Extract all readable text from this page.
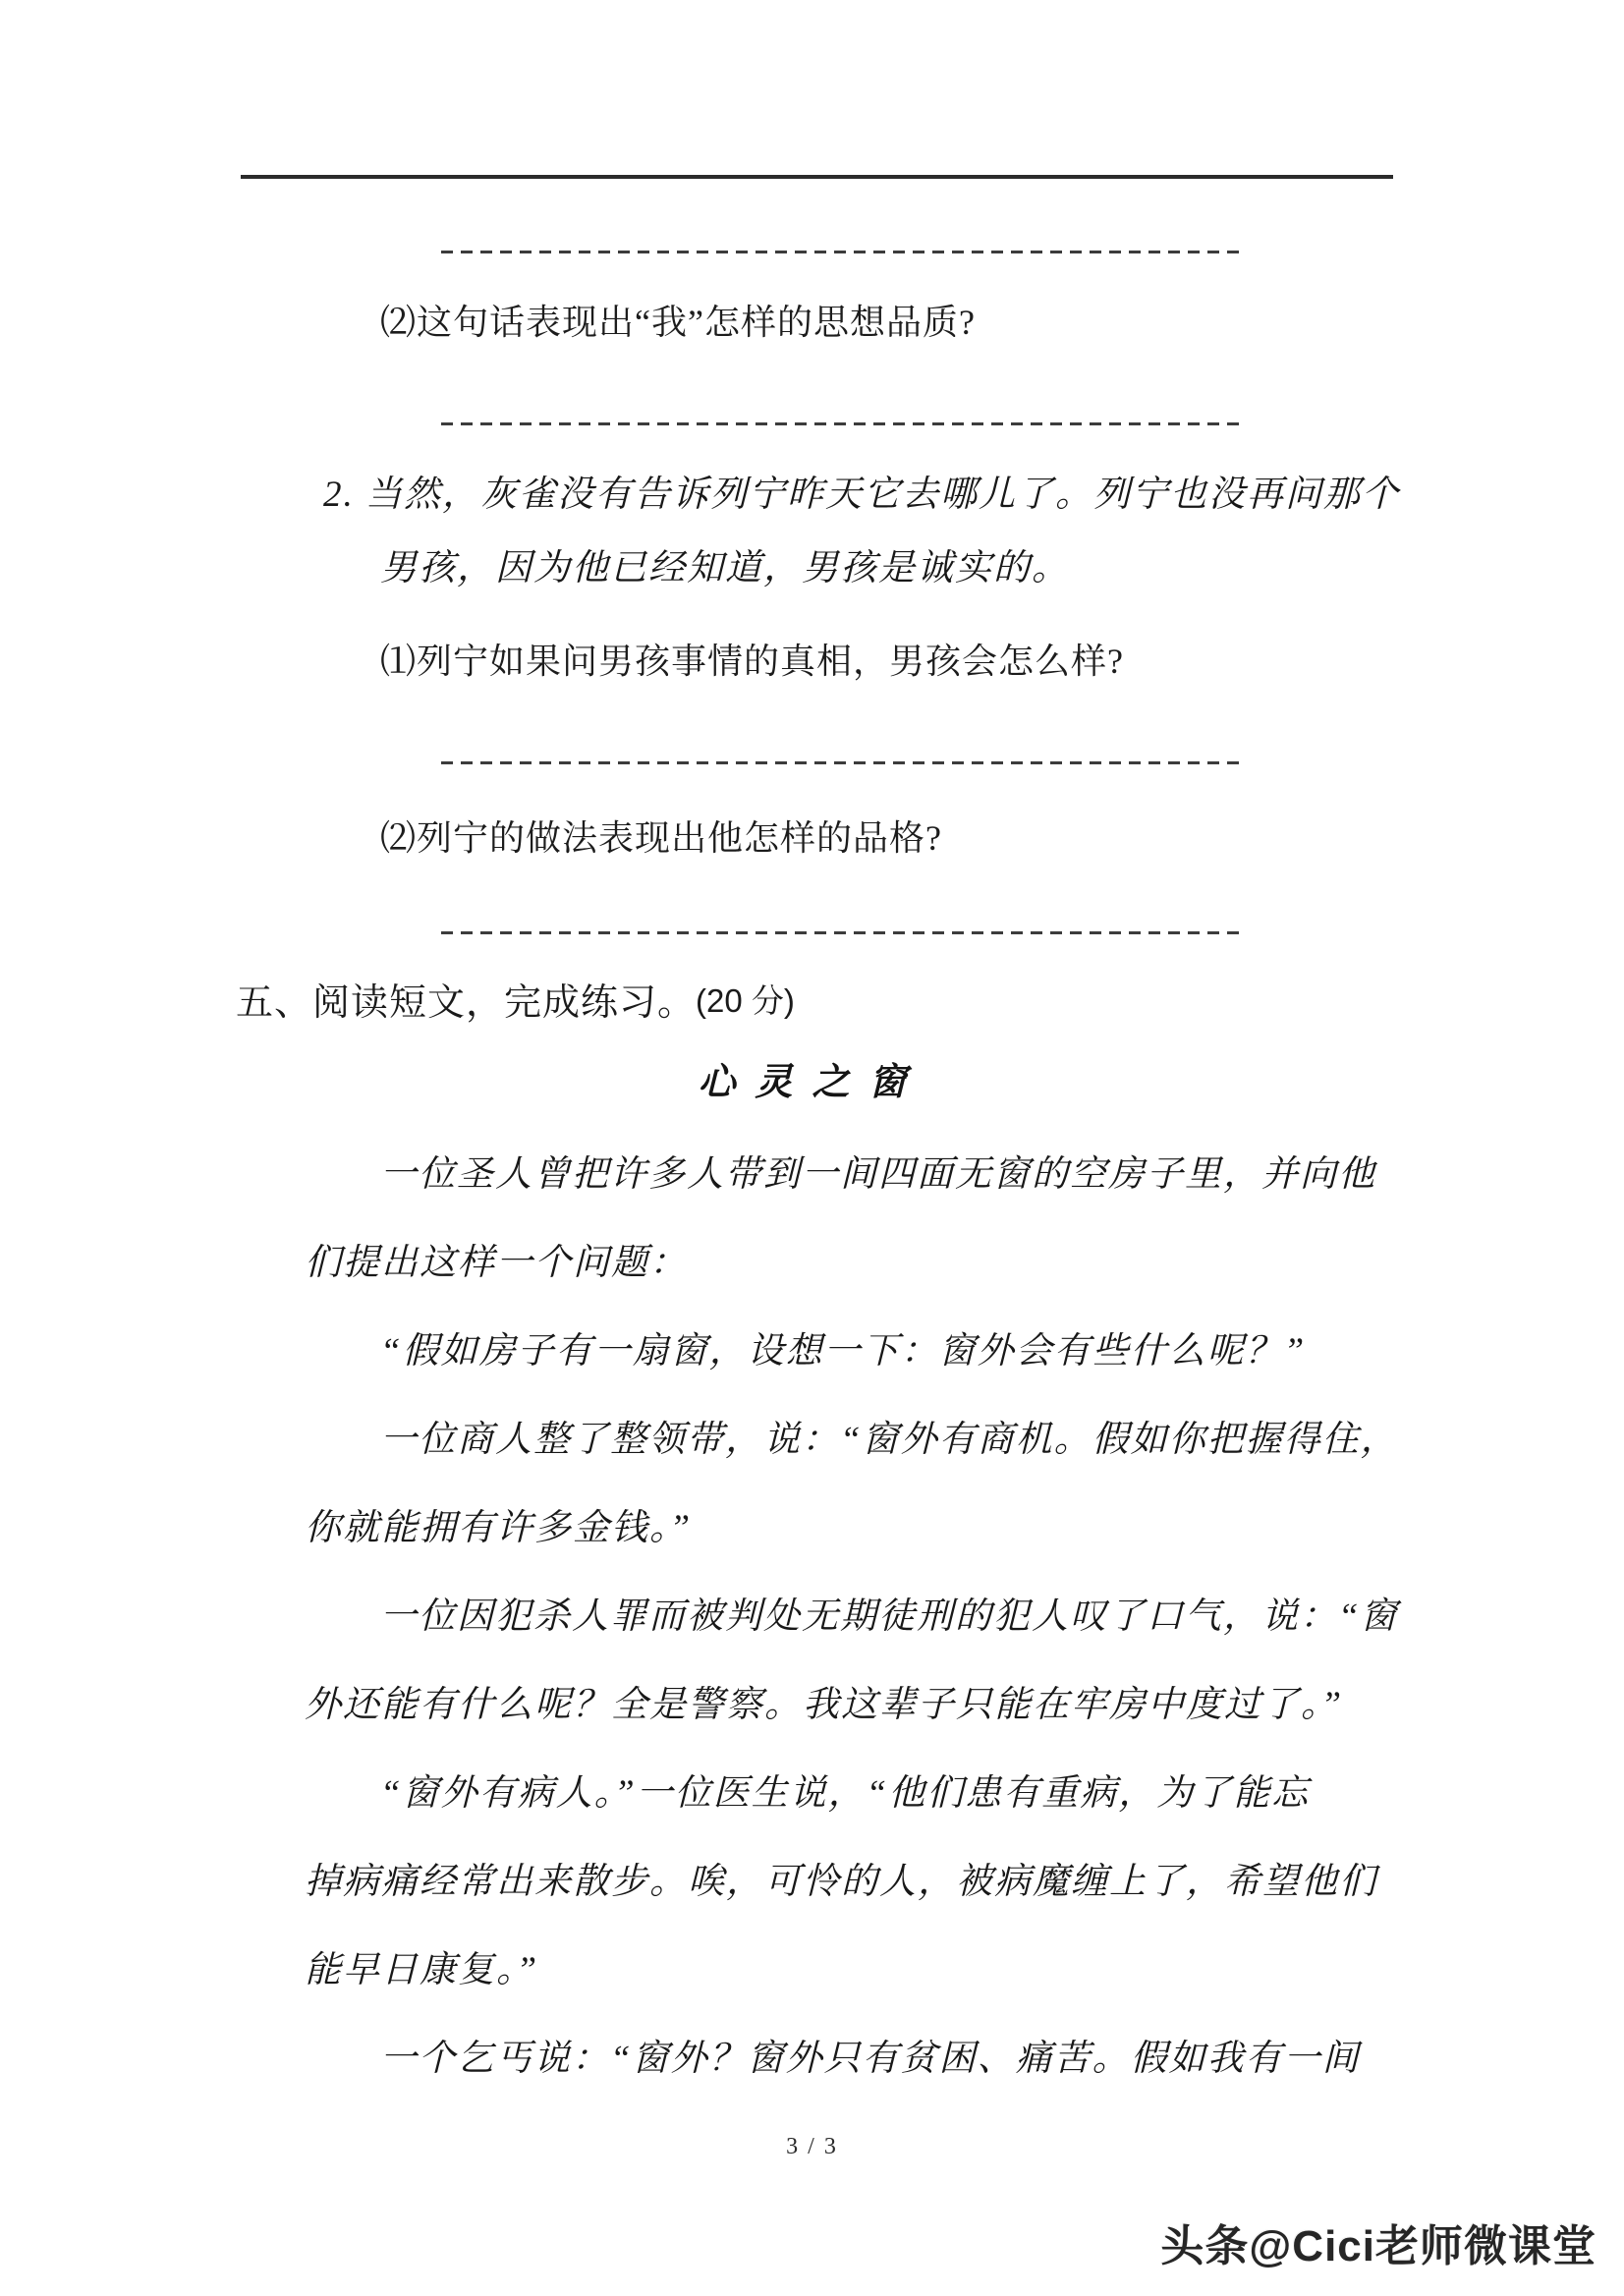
⑵这句话表现出“我”怎样的思想品质?
2. 当然，灰雀没有告诉列宁昨天它去哪儿了。列宁也没再问那个
男孩，因为他已经知道，男孩是诚实的。
⑴列宁如果问男孩事情的真相，男孩会怎么样?
⑵列宁的做法表现出他怎样的品格?
五、阅读短文，完成练习。(20 分)
心灵之窗
一位圣人曾把许多人带到一间四面无窗的空房子里，并向他
们提出这样一个问题：
“假如房子有一扇窗，设想一下：窗外会有些什么呢？”
一位商人整了整领带，说：“窗外有商机。假如你把握得住，
你就能拥有许多金钱。”
一位因犯杀人罪而被判处无期徒刑的犯人叹了口气，说：“窗
外还能有什么呢？全是警察。我这辈子只能在牢房中度过了。”
“窗外有病人。”一位医生说，“他们患有重病，为了能忘
掉病痛经常出来散步。唉，可怜的人，被病魔缠上了，希望他们
能早日康复。”
一个乞丐说：“窗外？窗外只有贫困、痛苦。假如我有一间
3 / 3
头条@Cici老师微课堂
